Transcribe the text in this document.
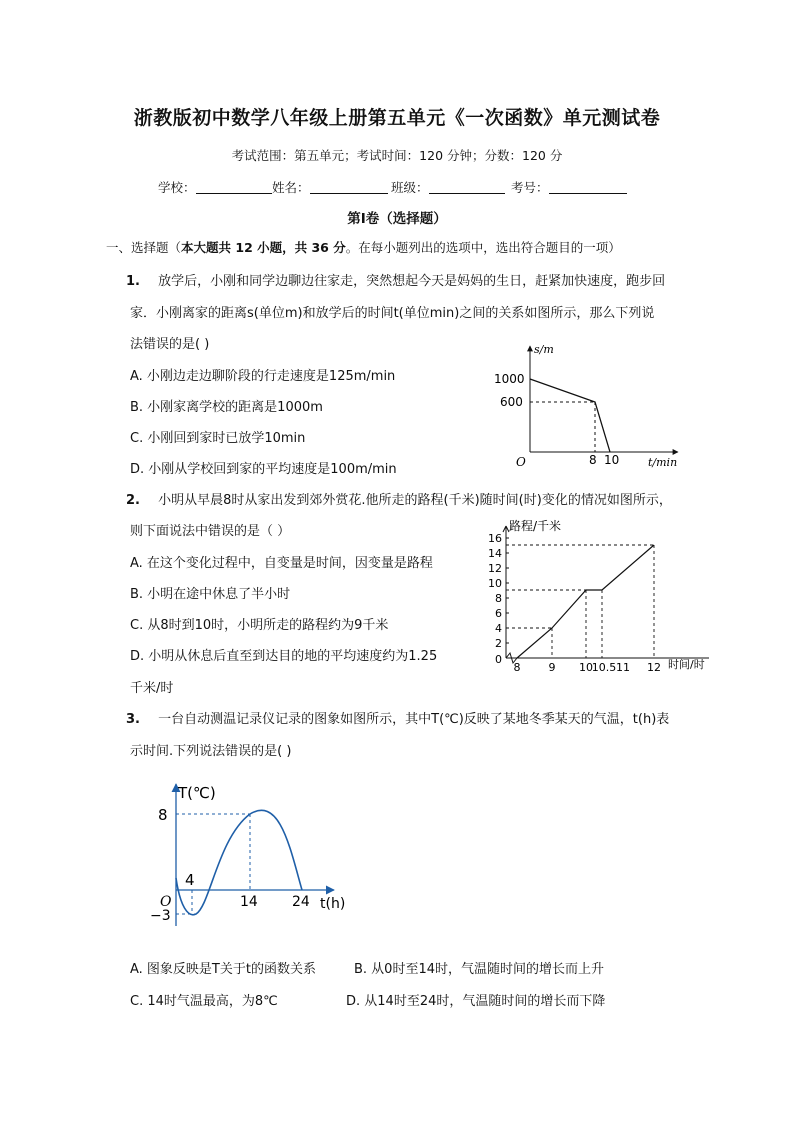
浙教版初中数学八年级上册第五单元《一次函数》单元测试卷
考试范围：第五单元；考试时间：120 分钟；分数：120 分
学校：	姓名：	班级：	考号：
第Ⅰ卷（选择题）
一、选择题（本大题共 12 小题，共 36 分。在每小题列出的选项中，选出符合题目的一项）
1. 放学后，小刚和同学边聊边往家走，突然想起今天是妈妈的生日，赶紧加快速度，跑步回
家．小刚离家的距离s(单位m)和放学后的时间t(单位min)之间的关系如图所示，那么下列说
法错误的是( )
A. 小刚边走边聊阶段的行走速度是125m/min
B. 小刚家离学校的距离是1000m
C. 小刚回到家时已放学10min
D. 小刚从学校回到家的平均速度是100m/min
s/m
1000
600
O	8 10	t/min
2. 小明从早晨8时从家出发到郊外赏花.他所走的路程(千米)随时间(时)变化的情况如图所示，
则下面说法中错误的是（ ）
A. 在这个变化过程中，自变量是时间，因变量是路程
B. 小明在途中休息了半小时
C. 从8时到10时，小明所走的路程约为9千米
D. 小明从休息后直至到达目的地的平均速度约为1.25
千米/时
路程/千米
16
14
12
10
8
6
4
2
0
8	9 10
10.5 11 12 时间/时
3. 一台自动测温记录仪记录的图象如图所示，其中T(℃)反映了某地冬季某天的气温，t(h)表
示时间.下列说法错误的是( )
T(℃)
8
O
−3
4
14 24 t(h)
A. 图象反映是T关于t的函数关系	B. 从0时至14时，气温随时间的增长而上升
C. 14时气温最高，为8℃	D. 从14时至24时，气温随时间的增长而下降
